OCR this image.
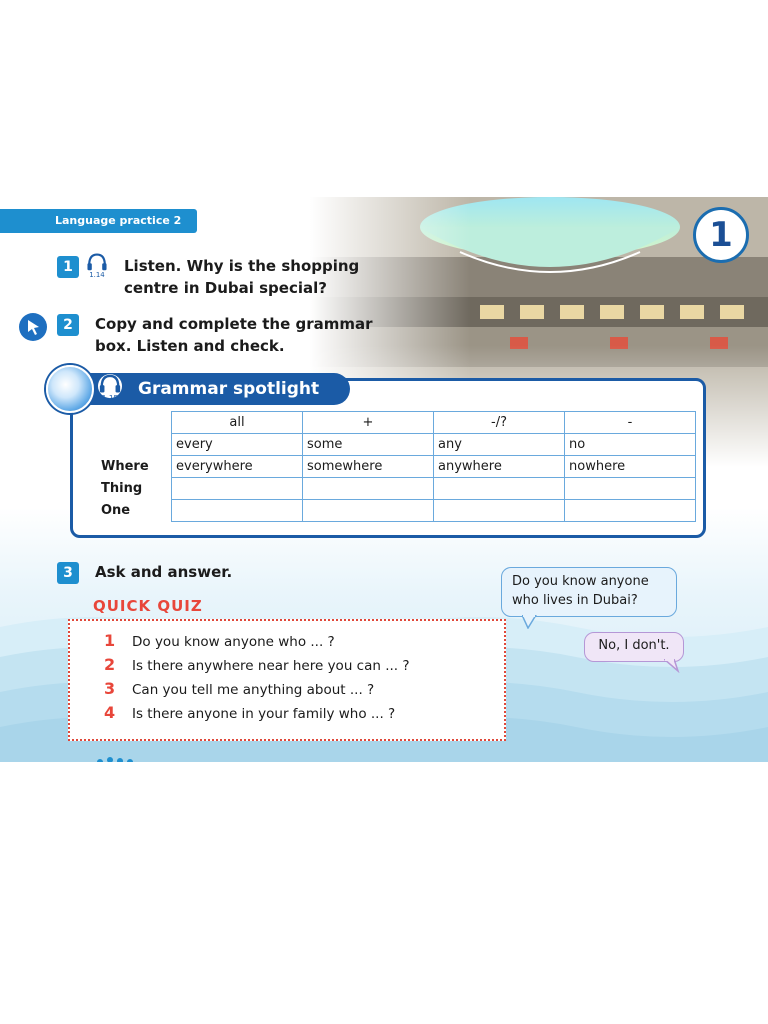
Language practice 2	1
1
1.14
Listen. Why is the shopping
centre in Dubai special?
2	Copy and complete the grammar
box. Listen and check.
1.15 Grammar spotlight
	all	+	-/?	-
	every	some	any	no
Where	everywhere	somewhere	anywhere	nowhere
Thing				
One				
3	Ask and answer.
QUICK QUIZ
1 Do you know anyone who ... ?
2 Is there anywhere near here you can ... ?
3 Can you tell me anything about ... ?
4 Is there anyone in your family who ... ?
Do you know anyone
who lives in Dubai?
No, I don't.
